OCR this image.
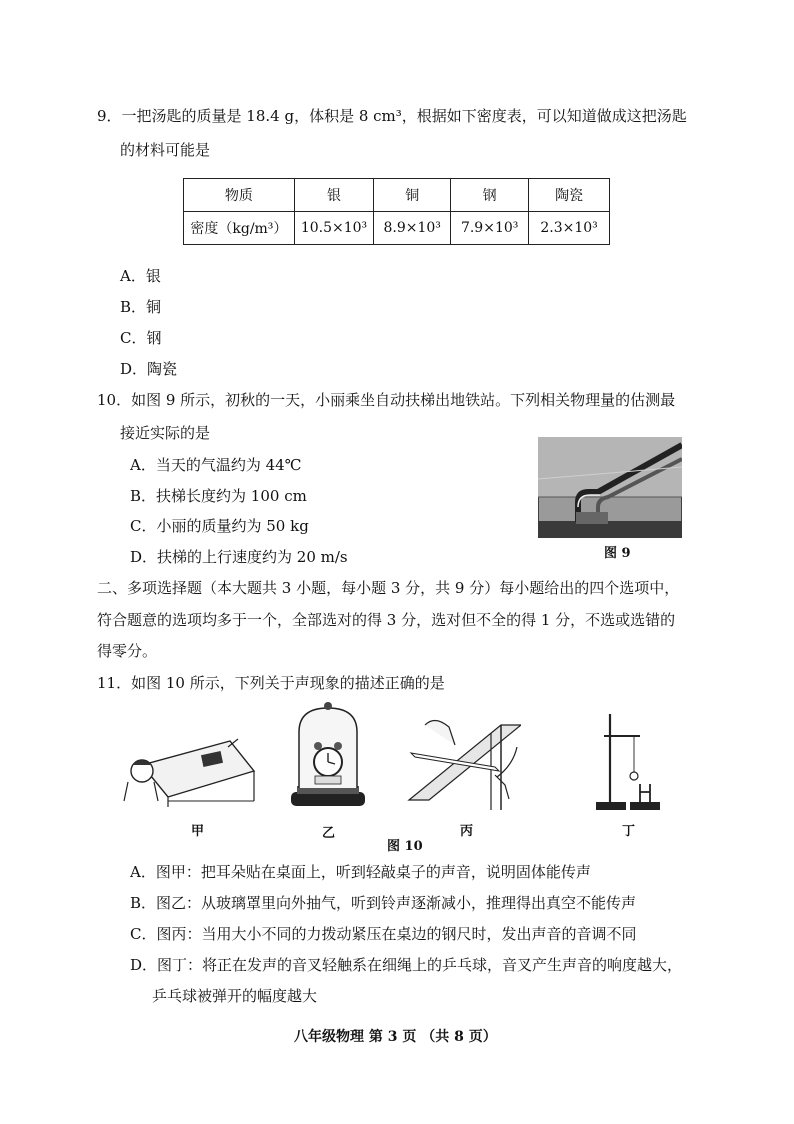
9．一把汤匙的质量是 18.4 g，体积是 8 cm³，根据如下密度表，可以知道做成这把汤匙
的材料可能是
物质	银	铜	钢	陶瓷
密度（kg/m³）	10.5×10³	8.9×10³	7.9×10³	2.3×10³
A．银
B．铜
C．钢
D．陶瓷
10．如图 9 所示，初秋的一天，小丽乘坐自动扶梯出地铁站。下列相关物理量的估测最
接近实际的是
A．当天的气温约为 44℃
B．扶梯长度约为 100 cm
C．小丽的质量约为 50 kg
D．扶梯的上行速度约为 20 m/s	图 9
二、多项选择题（本大题共 3 小题，每小题 3 分，共 9 分）每小题给出的四个选项中，
符合题意的选项均多于一个，全部选对的得 3 分，选对但不全的得 1 分，不选或选错的
得零分。
11．如图 10 所示，下列关于声现象的描述正确的是
甲	乙	丙	丁
图 10
A．图甲：把耳朵贴在桌面上，听到轻敲桌子的声音，说明固体能传声
B．图乙：从玻璃罩里向外抽气，听到铃声逐渐减小，推理得出真空不能传声
C．图丙：当用大小不同的力拨动紧压在桌边的钢尺时，发出声音的音调不同
D．图丁：将正在发声的音叉轻触系在细绳上的乒乓球，音叉产生声音的响度越大，
乒乓球被弹开的幅度越大
八年级物理 第 3 页 （共 8 页）
